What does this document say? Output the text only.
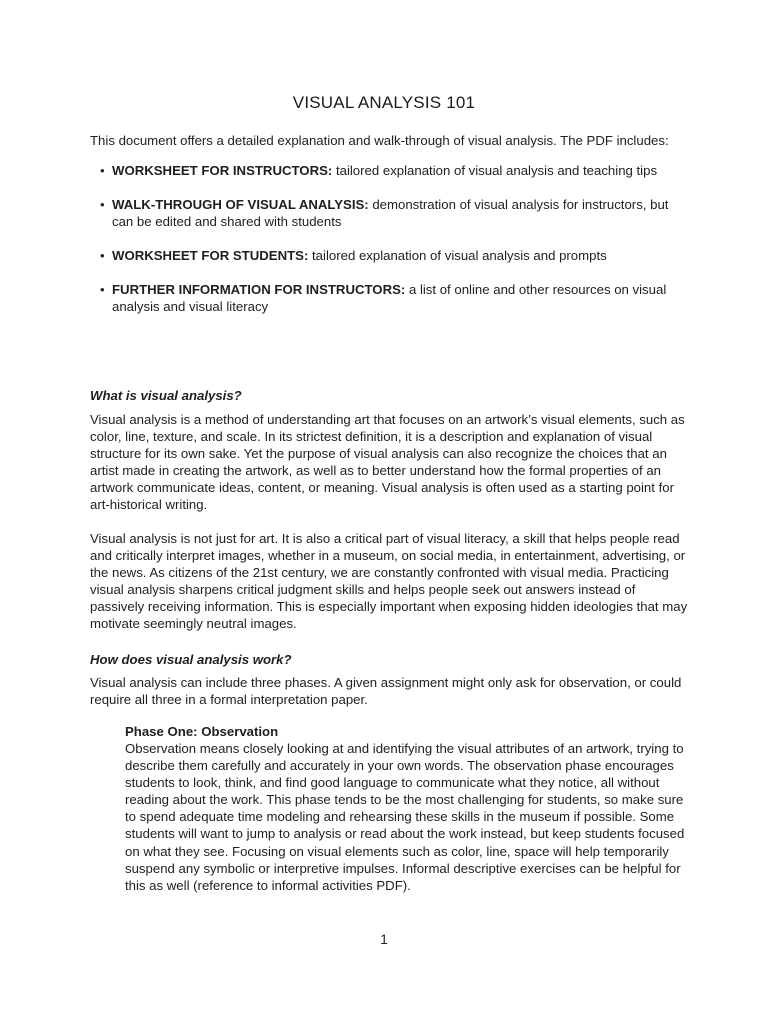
VISUAL ANALYSIS 101
This document offers a detailed explanation and walk-through of visual analysis. The PDF includes:
• WORKSHEET FOR INSTRUCTORS: tailored explanation of visual analysis and teaching tips
• WALK-THROUGH OF VISUAL ANALYSIS: demonstration of visual analysis for instructors, but can be edited and shared with students
• WORKSHEET FOR STUDENTS: tailored explanation of visual analysis and prompts
• FURTHER INFORMATION FOR INSTRUCTORS: a list of online and other resources on visual analysis and visual literacy
What is visual analysis?

Visual analysis is a method of understanding art that focuses on an artwork’s visual elements, such as color, line, texture, and scale. In its strictest definition, it is a description and explanation of visual structure for its own sake. Yet the purpose of visual analysis can also recognize the choices that an artist made in creating the artwork, as well as to better understand how the formal properties of an artwork communicate ideas, content, or meaning. Visual analysis is often used as a starting point for art-historical writing.

Visual analysis is not just for art. It is also a critical part of visual literacy, a skill that helps people read and critically interpret images, whether in a museum, on social media, in entertainment, advertising, or the news. As citizens of the 21st century, we are constantly confronted with visual media. Practicing visual analysis sharpens critical judgment skills and helps people seek out answers instead of passively receiving information. This is especially important when exposing hidden ideologies that may motivate seemingly neutral images.

How does visual analysis work?

Visual analysis can include three phases. A given assignment might only ask for observation, or could require all three in a formal interpretation paper.

Phase One: Observation

Observation means closely looking at and identifying the visual attributes of an artwork, trying to describe them carefully and accurately in your own words. The observation phase encourages students to look, think, and find good language to communicate what they notice, all without reading about the work. This phase tends to be the most challenging for students, so make sure to spend adequate time modeling and rehearsing these skills in the museum if possible. Some students will want to jump to analysis or read about the work instead, but keep students focused on what they see. Focusing on visual elements such as color, line, space will help temporarily suspend any symbolic or interpretive impulses. Informal descriptive exercises can be helpful for this as well (reference to informal activities PDF).

1
